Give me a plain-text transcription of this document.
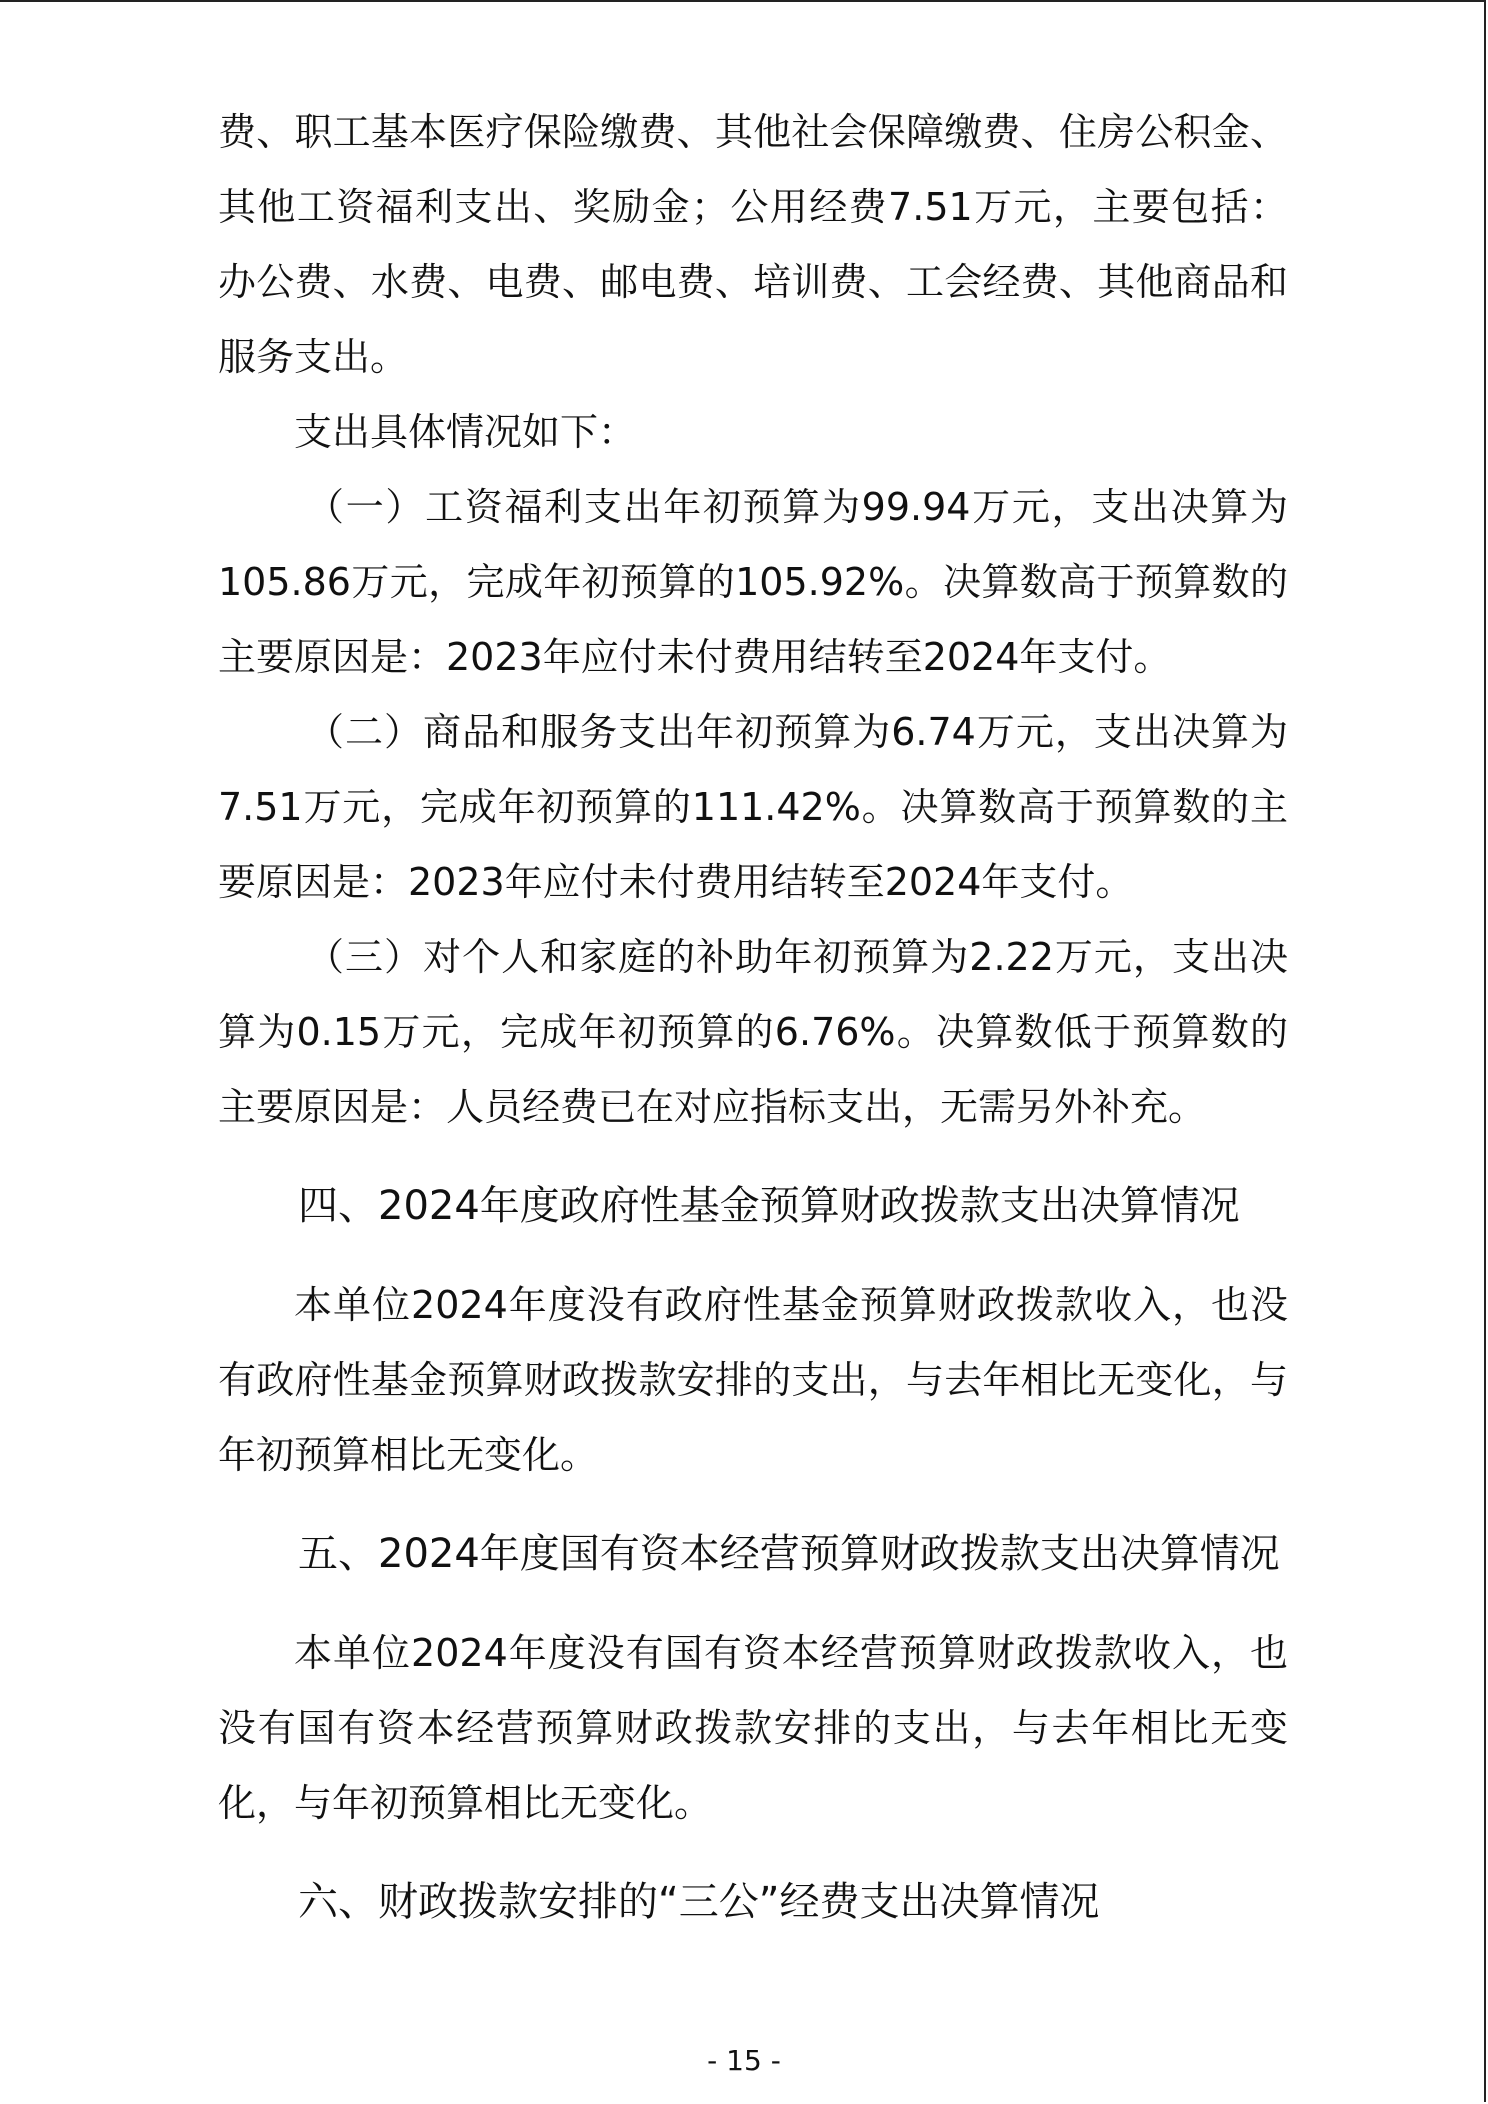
费、职工基本医疗保险缴费、其他社会保障缴费、住房公积金、其他工资福利支出、奖励金；公用经费7.51万元，主要包括：办公费、水费、电费、邮电费、培训费、工会经费、其他商品和服务支出。

支出具体情况如下：

（一）工资福利支出年初预算为99.94万元，支出决算为105.86万元，完成年初预算的105.92%。决算数高于预算数的主要原因是：2023年应付未付费用结转至2024年支付。

（二）商品和服务支出年初预算为6.74万元，支出决算为7.51万元，完成年初预算的111.42%。决算数高于预算数的主要原因是：2023年应付未付费用结转至2024年支付。

（三）对个人和家庭的补助年初预算为2.22万元，支出决算为0.15万元，完成年初预算的6.76%。决算数低于预算数的主要原因是：人员经费已在对应指标支出，无需另外补充。

四、2024年度政府性基金预算财政拨款支出决算情况

本单位2024年度没有政府性基金预算财政拨款收入，也没有政府性基金预算财政拨款安排的支出，与去年相比无变化，与年初预算相比无变化。

五、2024年度国有资本经营预算财政拨款支出决算情况

本单位2024年度没有国有资本经营预算财政拨款收入，也没有国有资本经营预算财政拨款安排的支出，与去年相比无变化，与年初预算相比无变化。

六、财政拨款安排的“三公”经费支出决算情况
- 15 -
